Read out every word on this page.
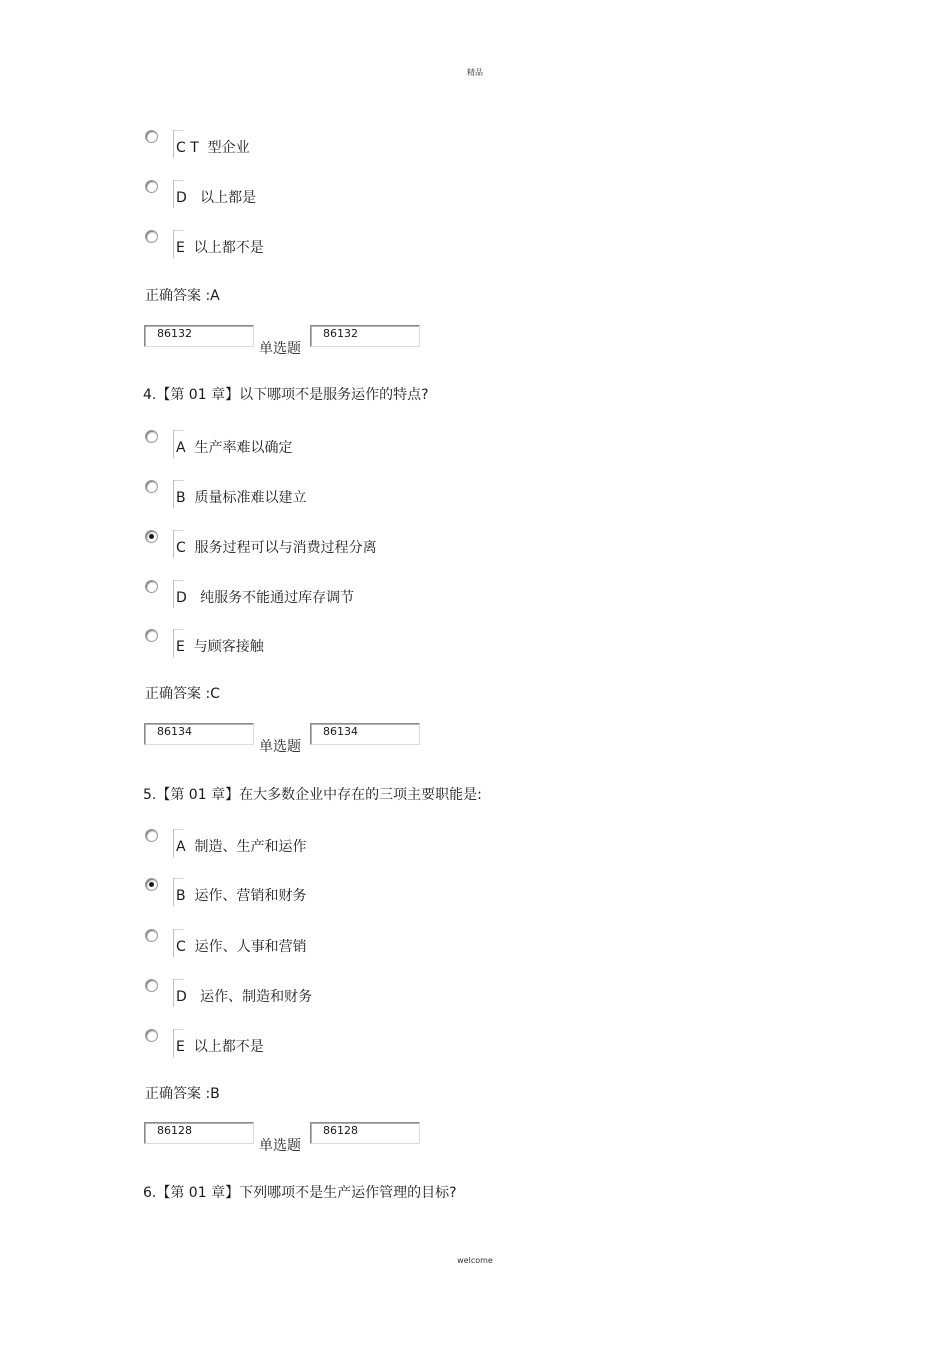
精品
C T  型企业
D   以上都是
E  以上都不是
正确答案 :A
86132
单选题
86132
4.【第 01 章】以下哪项不是服务运作的特点?
A  生产率难以确定
B  质量标准难以建立
C  服务过程可以与消费过程分离
D   纯服务不能通过库存调节
E  与顾客接触
正确答案 :C
86134
单选题
86134
5.【第 01 章】在大多数企业中存在的三项主要职能是:
A  制造、生产和运作
B  运作、营销和财务
C  运作、人事和营销
D   运作、制造和财务
E  以上都不是
正确答案 :B
86128
单选题
86128
6.【第 01 章】下列哪项不是生产运作管理的目标?
welcome
